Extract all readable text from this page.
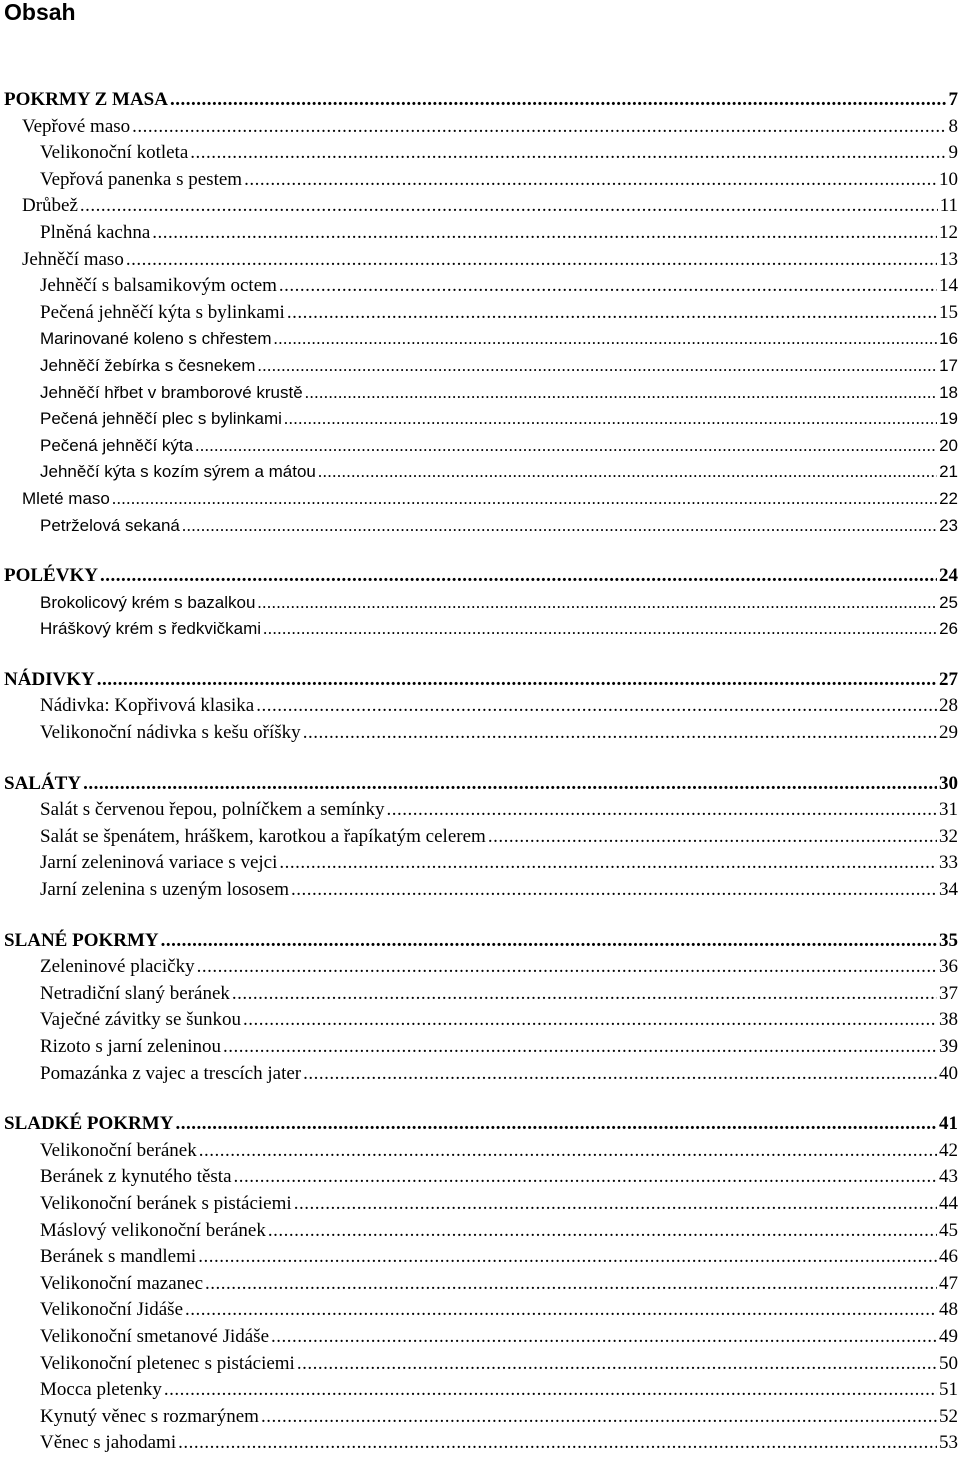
Obsah
POKRMY Z MASA .....	7
Vepřové maso .....	8
Velikonoční kotleta .....	9
Vepřová panenka s pestem .....	10
Drůbež .....	11
Plněná kachna .....	12
Jehněčí maso .....	13
Jehněčí s balsamikovým octem .....	14
Pečená jehněčí kýta s bylinkami .....	15
Marinované koleno s chřestem .....	16
Jehněčí žebírka s česnekem .....	17
Jehněčí hřbet v bramborové krustě .....	18
Pečená jehněčí plec s bylinkami .....	19
Pečená jehněčí kýta .....	20
Jehněčí kýta s kozím sýrem a mátou .....	21
Mleté maso .....	22
Petrželová sekaná .....	23
POLÉVKY .....	24
Brokolicový krém s bazalkou .....	25
Hráškový krém s ředkvičkami .....	26
NÁDIVKY .....	27
Nádivka: Kopřivová klasika .....	28
Velikonoční nádivka s kešu oříšky .....	29
SALÁTY .....	30
Salát s červenou řepou, polníčkem a semínky .....	31
Salát se špenátem, hráškem, karotkou a řapíkatým celerem .....	32
Jarní zeleninová variace s vejci .....	33
Jarní zelenina s uzeným lososem .....	34
SLANÉ POKRMY .....	35
Zeleninové placičky .....	36
Netradiční slaný beránek .....	37
Vaječné závitky se šunkou .....	38
Rizoto s jarní zeleninou .....	39
Pomazánka z vajec a trescích jater .....	40
SLADKÉ POKRMY .....	41
Velikonoční beránek .....	42
Beránek z kynutého těsta .....	43
Velikonoční beránek s pistáciemi .....	44
Máslový velikonoční beránek .....	45
Beránek s mandlemi .....	46
Velikonoční mazanec .....	47
Velikonoční Jidáše .....	48
Velikonoční smetanové Jidáše .....	49
Velikonoční pletenec s pistáciemi .....	50
Mocca pletenky .....	51
Kynutý věnec s rozmarýnem .....	52
Věnec s jahodami .....	53
